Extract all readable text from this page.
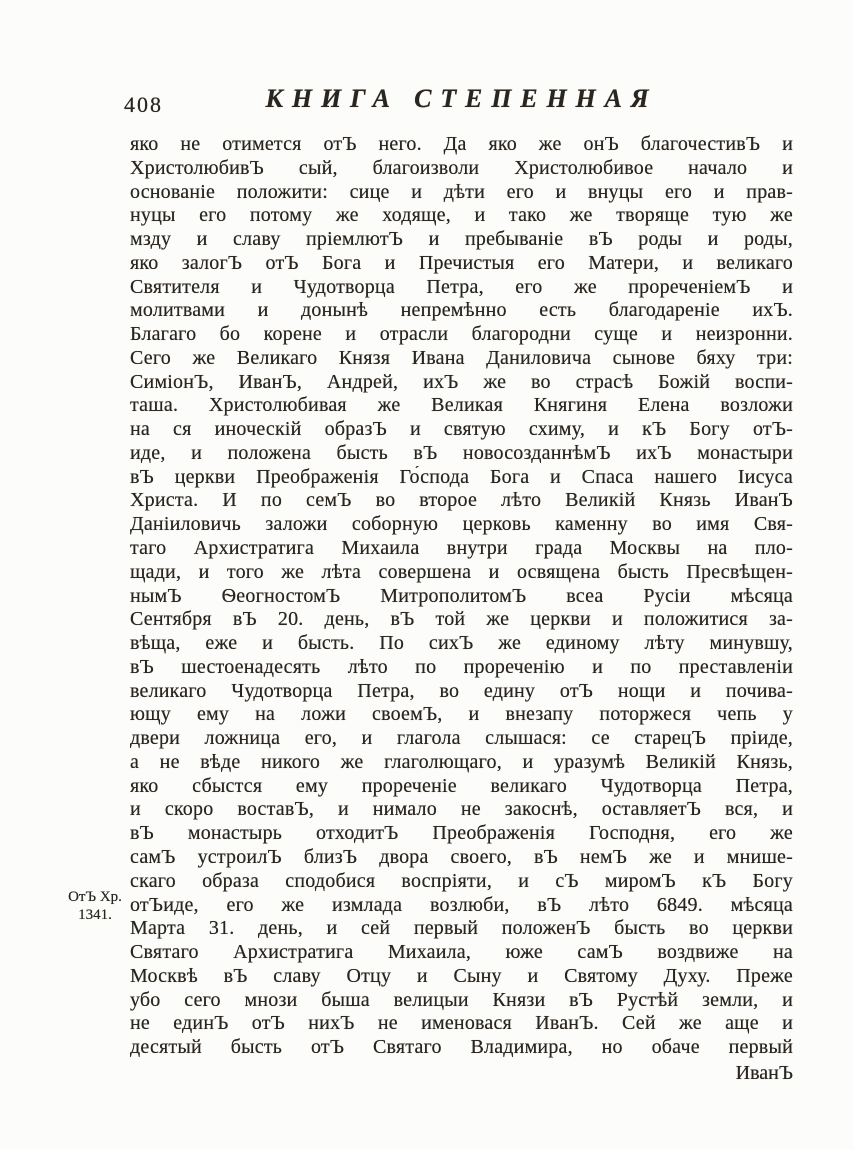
408	КНИГА СТЕПЕННАЯ
яко не отимется отЪ него. Да яко же онЪ благочестивЪ и
ХристолюбивЪ сый, благоизволи Христолюбивое начало и
основаніе положити: сице и дѣти его и внуцы его и прав-
нуцы его потому же ходяще, и тако же творяще тую же
мзду и славу пріемлютЪ и пребываніе вЪ роды и роды,
яко залогЪ отЪ Бога и Пречистыя его Матери, и великаго
Святителя и Чудотворца Петра, его же прореченіемЪ и
молитвами и донынѣ непремѣнно есть благодареніе ихЪ.
Благаго бо корене и отрасли благородни суще и неизронни.
Сего же Великаго Князя Ивана Даниловича сынове бяху три:
СиміонЪ, ИванЪ, Андрей, ихЪ же во страсѣ Божій воспи-
таша. Христолюбивая же Великая Княгиня Елена возложи
на ся иноческій образЪ и святую схиму, и кЪ Богу отЪ-
иде, и положена бысть вЪ новосозданнѣмЪ ихЪ монастыри
вЪ церкви Преображенія Го́спода Бога и Спаса нашего Іисуса
Христа. И по семЪ во второе лѣто Великій Князь ИванЪ
Даніиловичь заложи соборную церковь каменну во имя Свя-
таго Архистратига Михаила внутри града Москвы на пло-
щади, и того же лѣта совершена и освящена бысть Пресвѣщен-
нымЪ ѲеогностомЪ МитрополитомЪ всеа Русіи мѣсяца
Сентября вЪ 20. день, вЪ той же церкви и положитися за-
вѣща, еже и бысть. По сихЪ же единому лѣту минувшу,
вЪ шестоенадесять лѣто по прореченію и по преставленіи
великаго Чудотворца Петра, во едину отЪ нощи и почива-
ющу ему на ложи своемЪ, и внезапу поторжеся чепь у
двери ложница его, и глагола слышася: се старецЪ пріиде,
а не вѣде никого же глаголющаго, и уразумѣ Великій Князь,
яко сбыстся ему прореченіе великаго Чудотворца Петра,
и скоро воставЪ, и нимало не закоснѣ, оставляетЪ вся, и
вЪ монастырь отходитЪ Преображенія Господня, его же
самЪ устроилЪ близЪ двора своего, вЪ немЪ же и мнише-
скаго образа сподобися воспріяти, и сЪ миромЪ кЪ Богу
отЪиде, его же измлада возлюби, вЪ лѣто 6849. мѣсяца
Марта 31. день, и сей первый положенЪ бысть во церкви
Святаго Архистратига Михаила, юже самЪ воздвиже на
Москвѣ вЪ славу Отцу и Сыну и Святому Духу. Преже
убо сего мнози быша велицыи Князи вЪ Рустѣй земли, и
не единЪ отЪ нихЪ не именовася ИванЪ. Сей же аще и
десятый бысть отЪ Святаго Владимира, но обаче первый
ОтЪ Хр.
1341.
ИванЪ
